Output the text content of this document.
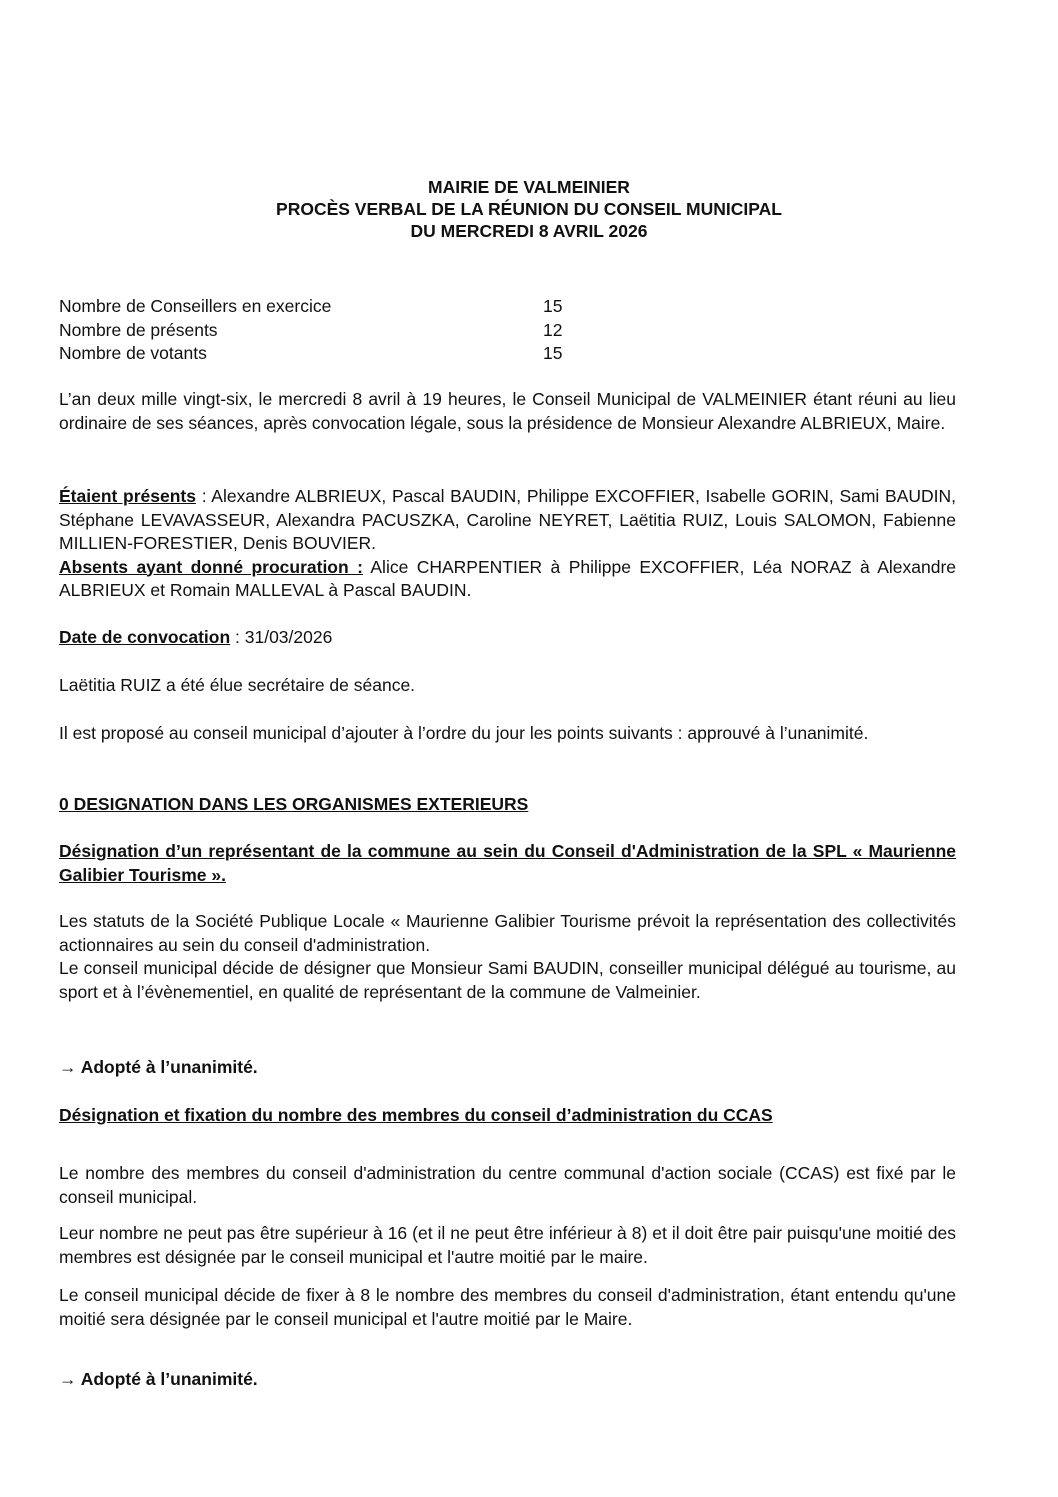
MAIRIE DE VALMEINIER
PROCÈS VERBAL DE LA RÉUNION DU CONSEIL MUNICIPAL
DU MERCREDI 8 AVRIL 2026
Nombre de Conseillers en exercice	15
Nombre de présents	12
Nombre de votants	15

L’an deux mille vingt-six, le mercredi 8 avril à 19 heures, le Conseil Municipal de VALMEINIER étant réuni au lieu ordinaire de ses séances, après convocation légale, sous la présidence de Monsieur Alexandre ALBRIEUX, Maire.

Étaient présents : Alexandre ALBRIEUX, Pascal BAUDIN, Philippe EXCOFFIER, Isabelle GORIN, Sami BAUDIN, Stéphane LEVAVASSEUR, Alexandra PACUSZKA, Caroline NEYRET, Laëtitia RUIZ, Louis SALOMON, Fabienne MILLIEN-FORESTIER, Denis BOUVIER.

Absents ayant donné procuration : Alice CHARPENTIER à Philippe EXCOFFIER, Léa NORAZ à Alexandre ALBRIEUX et Romain MALLEVAL à Pascal BAUDIN.

Date de convocation : 31/03/2026

Laëtitia RUIZ a été élue secrétaire de séance.

Il est proposé au conseil municipal d’ajouter à l’ordre du jour les points suivants : approuvé à l’unanimité.

0 DESIGNATION DANS LES ORGANISMES EXTERIEURS

Désignation d’un représentant de la commune au sein du Conseil d'Administration de la SPL « Maurienne Galibier Tourisme ».

Les statuts de la Société Publique Locale « Maurienne Galibier Tourisme prévoit la représentation des collectivités actionnaires au sein du conseil d'administration.

Le conseil municipal décide de désigner que Monsieur Sami BAUDIN, conseiller municipal délégué au tourisme, au sport et à l’évènementiel, en qualité de représentant de la commune de Valmeinier.

→ Adopté à l’unanimité.

Désignation et fixation du nombre des membres du conseil d’administration du CCAS

Le nombre des membres du conseil d'administration du centre communal d'action sociale (CCAS) est fixé par le conseil municipal.

Leur nombre ne peut pas être supérieur à 16 (et il ne peut être inférieur à 8) et il doit être pair puisqu'une moitié des membres est désignée par le conseil municipal et l'autre moitié par le maire.

Le conseil municipal décide de fixer à 8 le nombre des membres du conseil d'administration, étant entendu qu'une moitié sera désignée par le conseil municipal et l'autre moitié par le Maire.

→ Adopté à l’unanimité.
